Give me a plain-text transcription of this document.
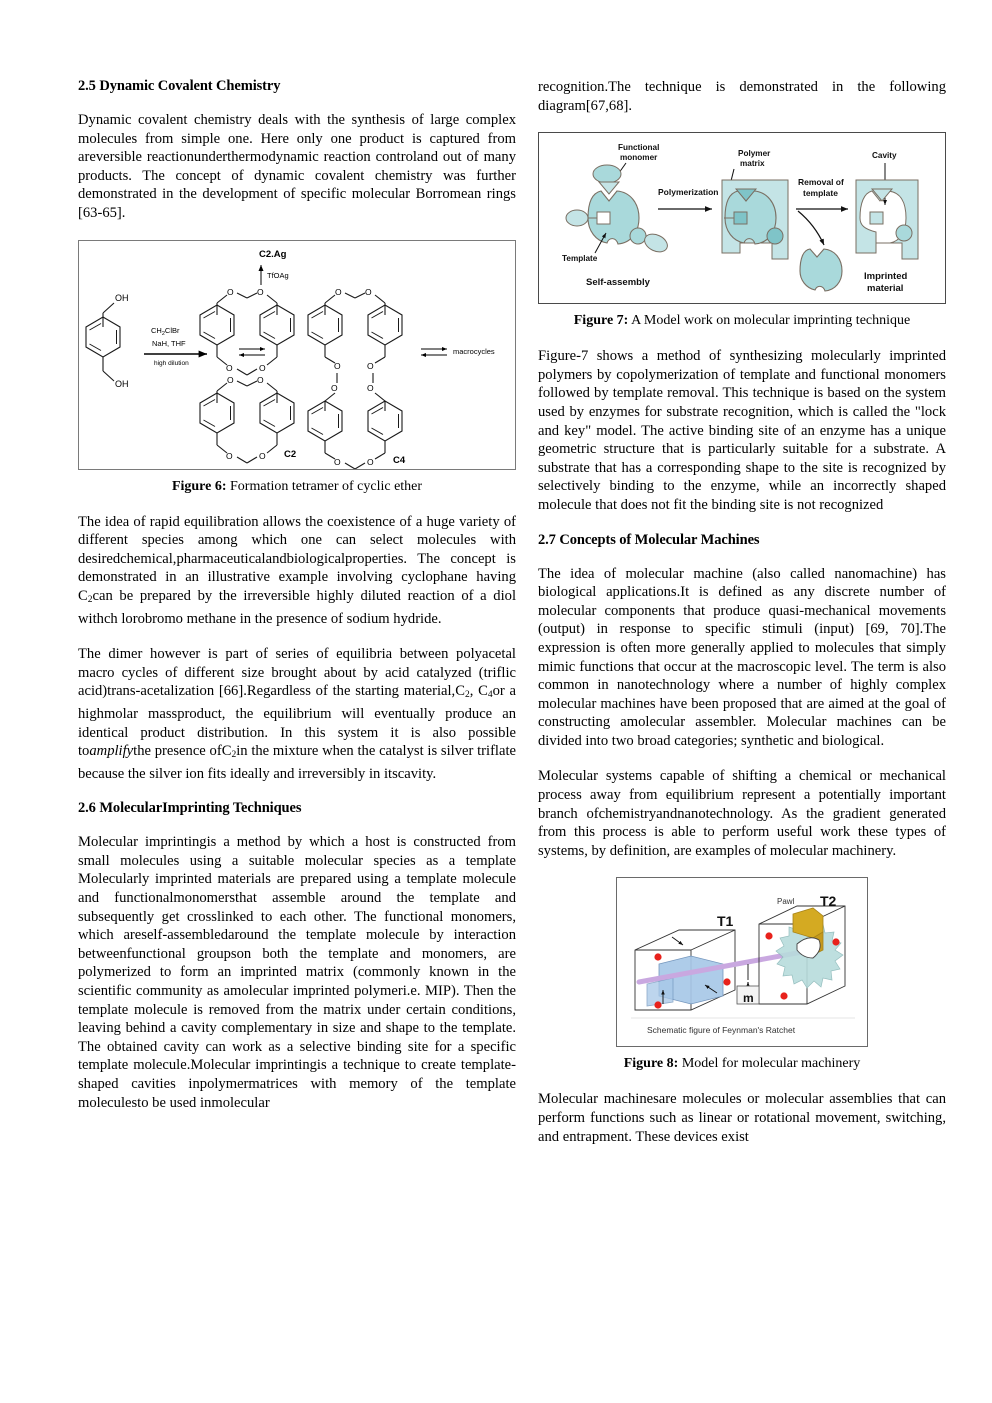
2.5 Dynamic Covalent Chemistry

Dynamic covalent chemistry deals with the synthesis of large complex molecules from simple one. Here only one product is captured from areversible reactionunderthermodynamic reaction controland out of many products. The concept of dynamic covalent chemistry was further demonstrated in the development of specific molecular Borromean rings [63-65].

C2.Ag
TfOAg
OH
OH
$CH_2ClBr$
NaH, THF
high dilution
O	O
O	O
O	O
O	O C2
O	O
O	O
O	O
O	O C4
macrocycles
Figure 6: Formation tetramer of cyclic ether

The idea of rapid equilibration allows the coexistence of a huge variety of different species among which one can select molecules with desiredchemical,pharmaceuticalandbiologicalproperties. The concept is demonstrated in an illustrative example involving cyclophane having $C_2can$ be prepared by the irreversible highly diluted reaction of a diol withch lorobromo methane in the presence of sodium hydride.

The dimer however is part of series of equilibria between polyacetal macro cycles of different size brought about by acid catalyzed (triflic acid)trans-acetalization [66].Regardless of the starting $material,C_2$, $C_4or$ a highmolar massproduct, the equilibrium will eventually produce an identical product distribution. In this system it is also possible toamplifythe presence ofC$_2$in the mixture when the catalyst is silver triflate because the silver ion fits ideally and irreversibly in itscavity.

2.6 MolecularImprinting Techniques

Molecular imprintingis a method by which a host is constructed from small molecules using a suitable molecular species as a template Molecularly imprinted materials are prepared using a template molecule and functionalmonomersthat assemble around the template and subsequently get crosslinked to each other. The functional monomers, which areself-assembledaround the template molecule by interaction betweenfunctional groupson both the template and monomers, are polymerized to form an imprinted matrix (commonly known in the scientific community as amolecular imprinted polymeri.e. MIP). Then the template molecule is removed from the matrix under certain conditions, leaving behind a cavity complementary in size and shape to the template. The obtained cavity can work as a selective binding site for a specific template molecule.Molecular imprintingis a technique to create template-shaped cavities inpolymermatrices with memory of the template moleculesto be used inmolecular

recognition.The technique is demonstrated in the following diagram[67,68].

Functional
monomer
Template
Self-assembly
Polymerization
Polymer
matrix
Removal of
template
Cavity
Imprinted
material
Figure 7: A Model work on molecular imprinting technique

Figure-7 shows a method of synthesizing molecularly imprinted polymers by copolymerization of template and functional monomers followed by template removal. This technique is based on the system used by enzymes for substrate recognition, which is called the "lock and key" model. The active binding site of an enzyme has a unique geometric structure that is particularly suitable for a substrate. A substrate that has a corresponding shape to the site is recognized by selectively binding to the enzyme, while an incorrectly shaped molecule that does not fit the binding site is not recognized

2.7 Concepts of Molecular Machines

The idea of molecular machine (also called nanomachine) has biological applications.It is defined as any discrete number of molecular components that produce quasi-mechanical movements (output) in response to specific stimuli (input) [69, 70].The expression is often more generally applied to molecules that simply mimic functions that occur at the macroscopic level. The term is also common in nanotechnology where a number of highly complex molecular machines have been proposed that are aimed at the goal of constructing amolecular assembler. Molecular machines can be divided into two broad categories; synthetic and biological.

Molecular systems capable of shifting a chemical or mechanical process away from equilibrium represent a potentially important branch ofchemistryandnanotechnology. As the gradient generated from this process is able to perform useful work these types of systems, by definition, are examples of molecular machinery.

T1
T2
Pawl
m
Schematic figure of Feynman's Ratchet
Figure 8: Model for molecular machinery

Molecular machinesare molecules or molecular assemblies that can perform functions such as linear or rotational movement, switching, and entrapment. These devices exist
